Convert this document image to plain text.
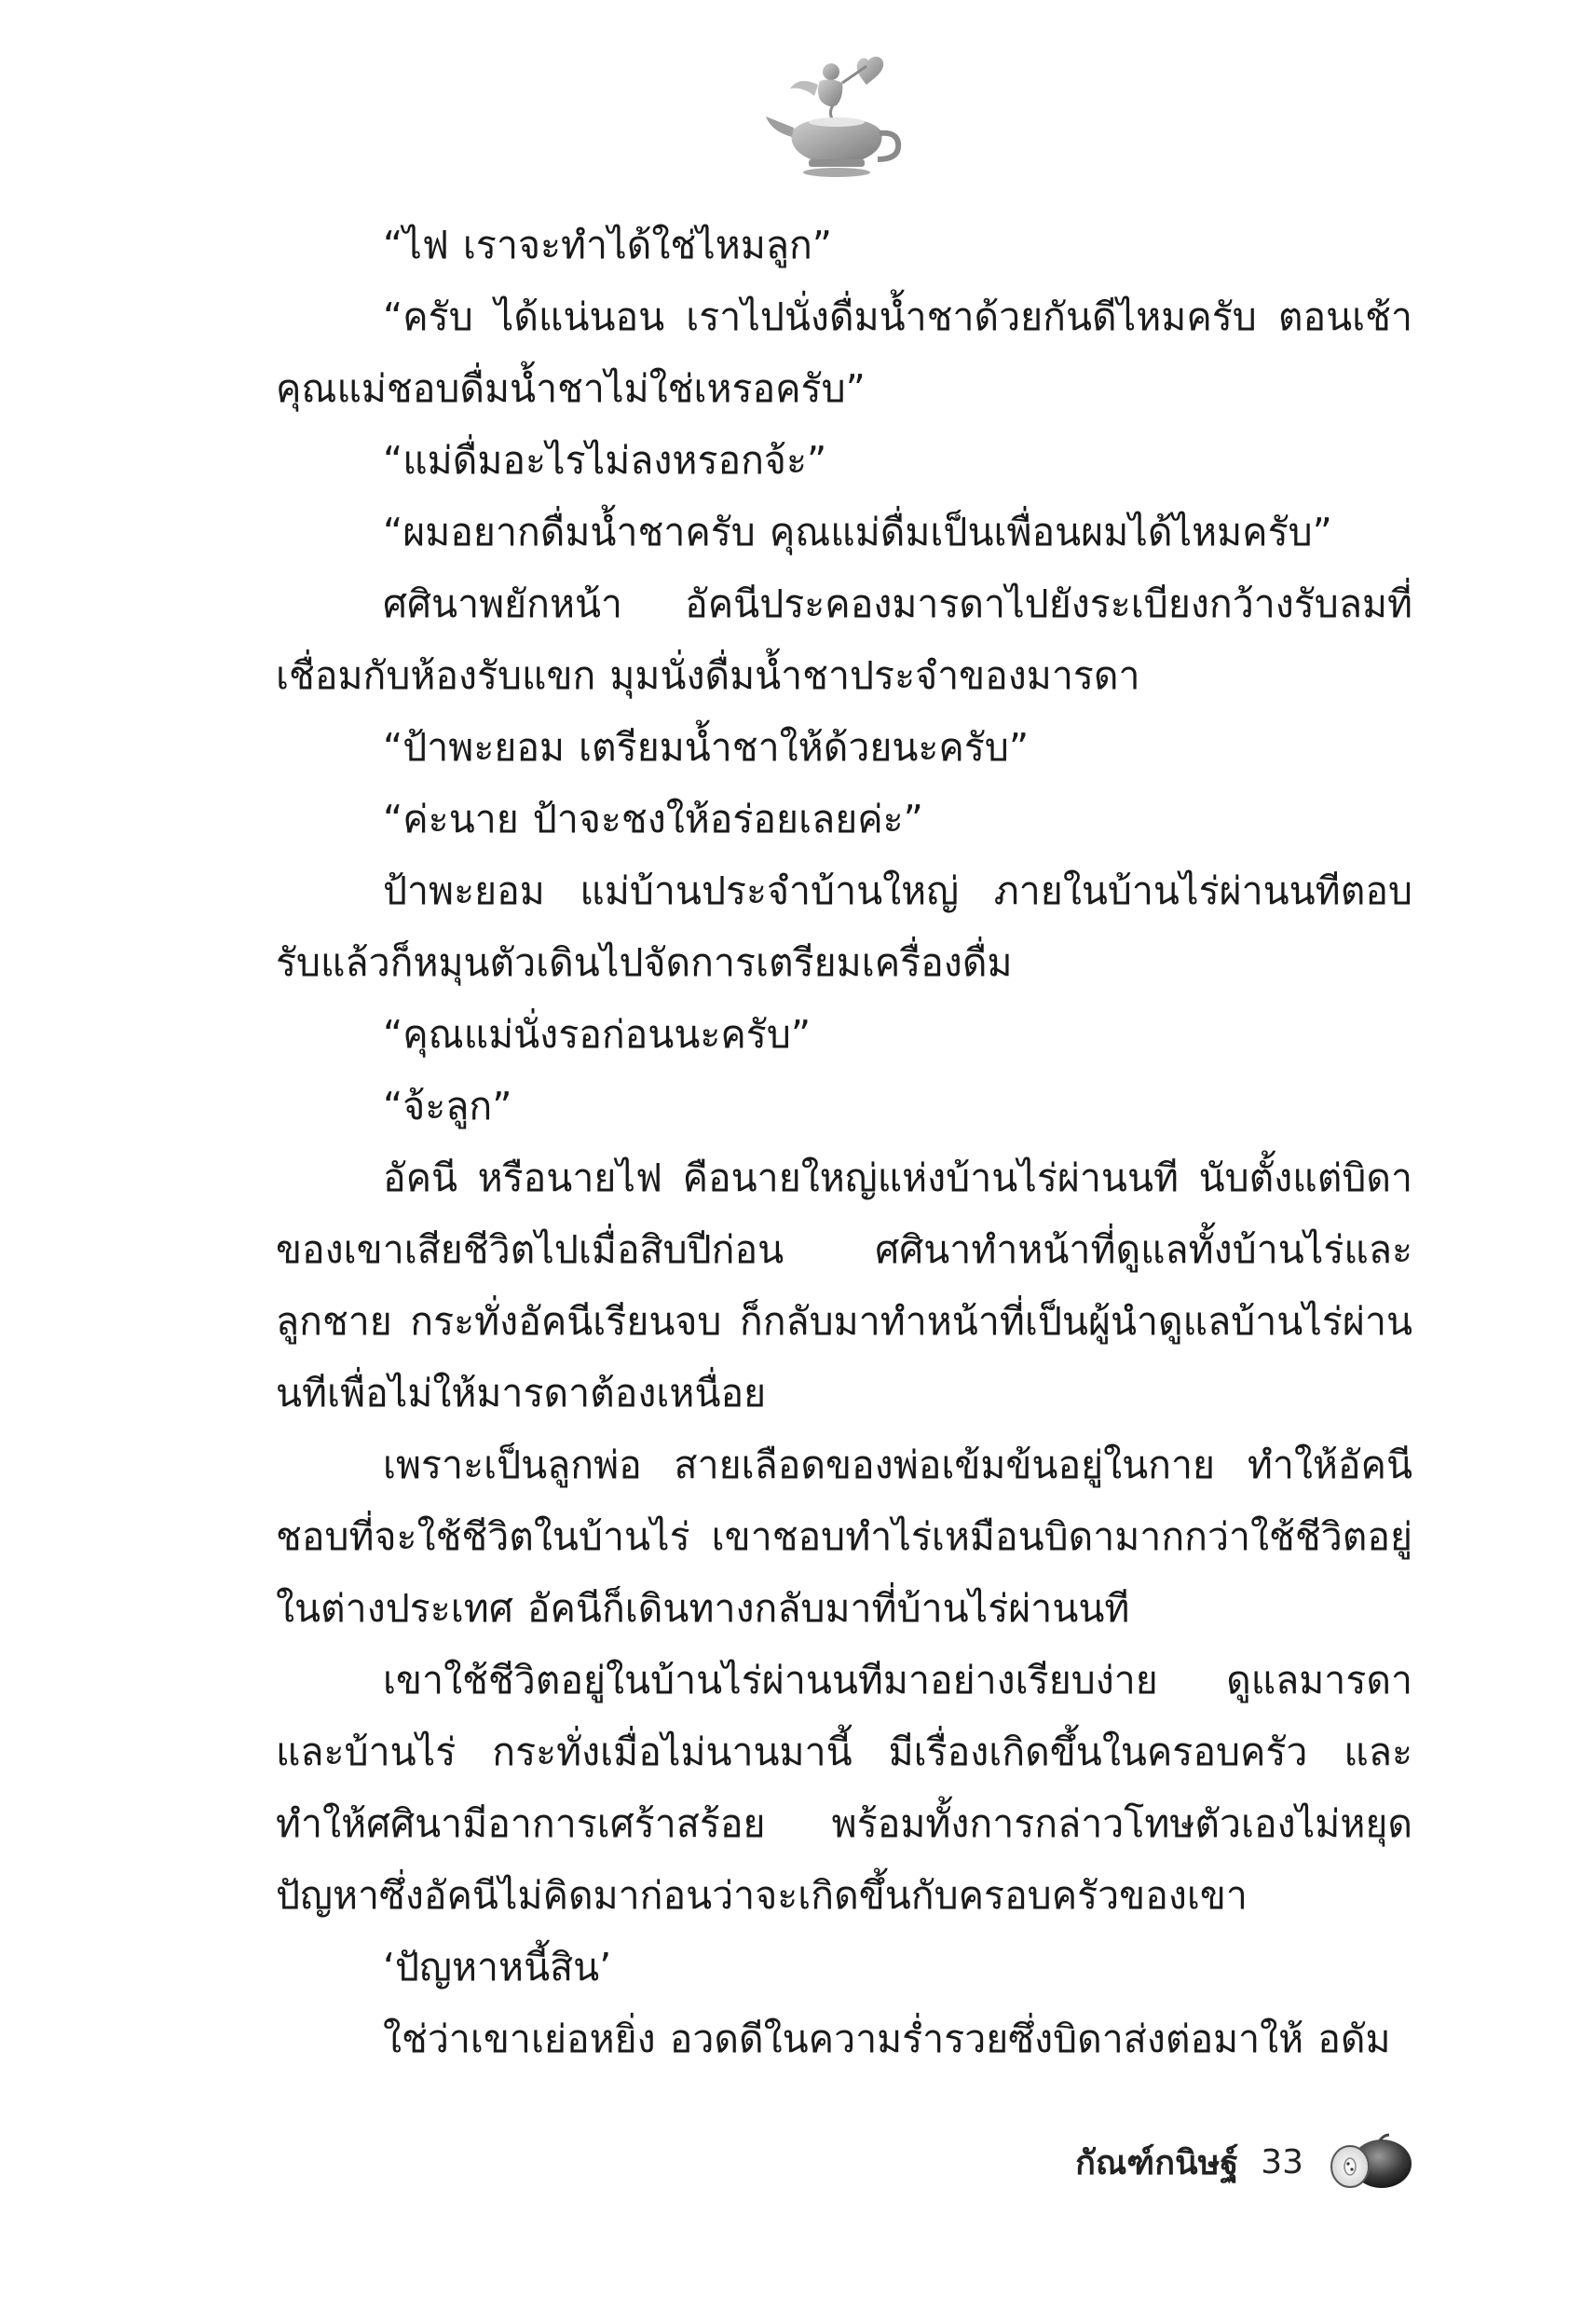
“ไฟ เราจะทำได้ใช่ไหมลูก”

“ครับ ได้แน่นอน เราไปนั่งดื่มน้ำชาด้วยกันดีไหมครับ ตอนเช้าคุณแม่ชอบดื่มน้ำชาไม่ใช่เหรอครับ”

“แม่ดื่มอะไรไม่ลงหรอกจ้ะ”

“ผมอยากดื่มน้ำชาครับ คุณแม่ดื่มเป็นเพื่อนผมได้ไหมครับ”

ศศินาพยักหน้า อัคนีประคองมารดาไปยังระเบียงกว้างรับลมที่เชื่อมกับห้องรับแขก มุมนั่งดื่มน้ำชาประจำของมารดา

“ป้าพะยอม เตรียมน้ำชาให้ด้วยนะครับ”

“ค่ะนาย ป้าจะชงให้อร่อยเลยค่ะ”

ป้าพะยอม แม่บ้านประจำบ้านใหญ่ ภายในบ้านไร่ผ่านนทีตอบรับแล้วก็หมุนตัวเดินไปจัดการเตรียมเครื่องดื่ม

“คุณแม่นั่งรอก่อนนะครับ”

“จ้ะลูก”

อัคนี หรือนายไฟ คือนายใหญ่แห่งบ้านไร่ผ่านนที นับตั้งแต่บิดาของเขาเสียชีวิตไปเมื่อสิบปีก่อน ศศินาทำหน้าที่ดูแลทั้งบ้านไร่และลูกชาย กระทั่งอัคนีเรียนจบ ก็กลับมาทำหน้าที่เป็นผู้นำดูแลบ้านไร่ผ่านนทีเพื่อไม่ให้มารดาต้องเหนื่อย

เพราะเป็นลูกพ่อ สายเลือดของพ่อเข้มข้นอยู่ในกาย ทำให้อัคนีชอบที่จะใช้ชีวิตในบ้านไร่ เขาชอบทำไร่เหมือนบิดามากกว่าใช้ชีวิตอยู่ในต่างประเทศ อัคนีก็เดินทางกลับมาที่บ้านไร่ผ่านนที

เขาใช้ชีวิตอยู่ในบ้านไร่ผ่านนทีมาอย่างเรียบง่าย ดูแลมารดาและบ้านไร่ กระทั่งเมื่อไม่นานมานี้ มีเรื่องเกิดขึ้นในครอบครัว และทำให้ศศินามีอาการเศร้าสร้อย พร้อมทั้งการกล่าวโทษตัวเองไม่หยุดปัญหาซึ่งอัคนีไม่คิดมาก่อนว่าจะเกิดขึ้นกับครอบครัวของเขา

‘ปัญหาหนี้สิน’

ใช่ว่าเขาเย่อหยิ่ง อวดดีในความร่ำรวยซึ่งบิดาส่งต่อมาให้ อดัม

กัณฑ์กนิษฐ์ 33
